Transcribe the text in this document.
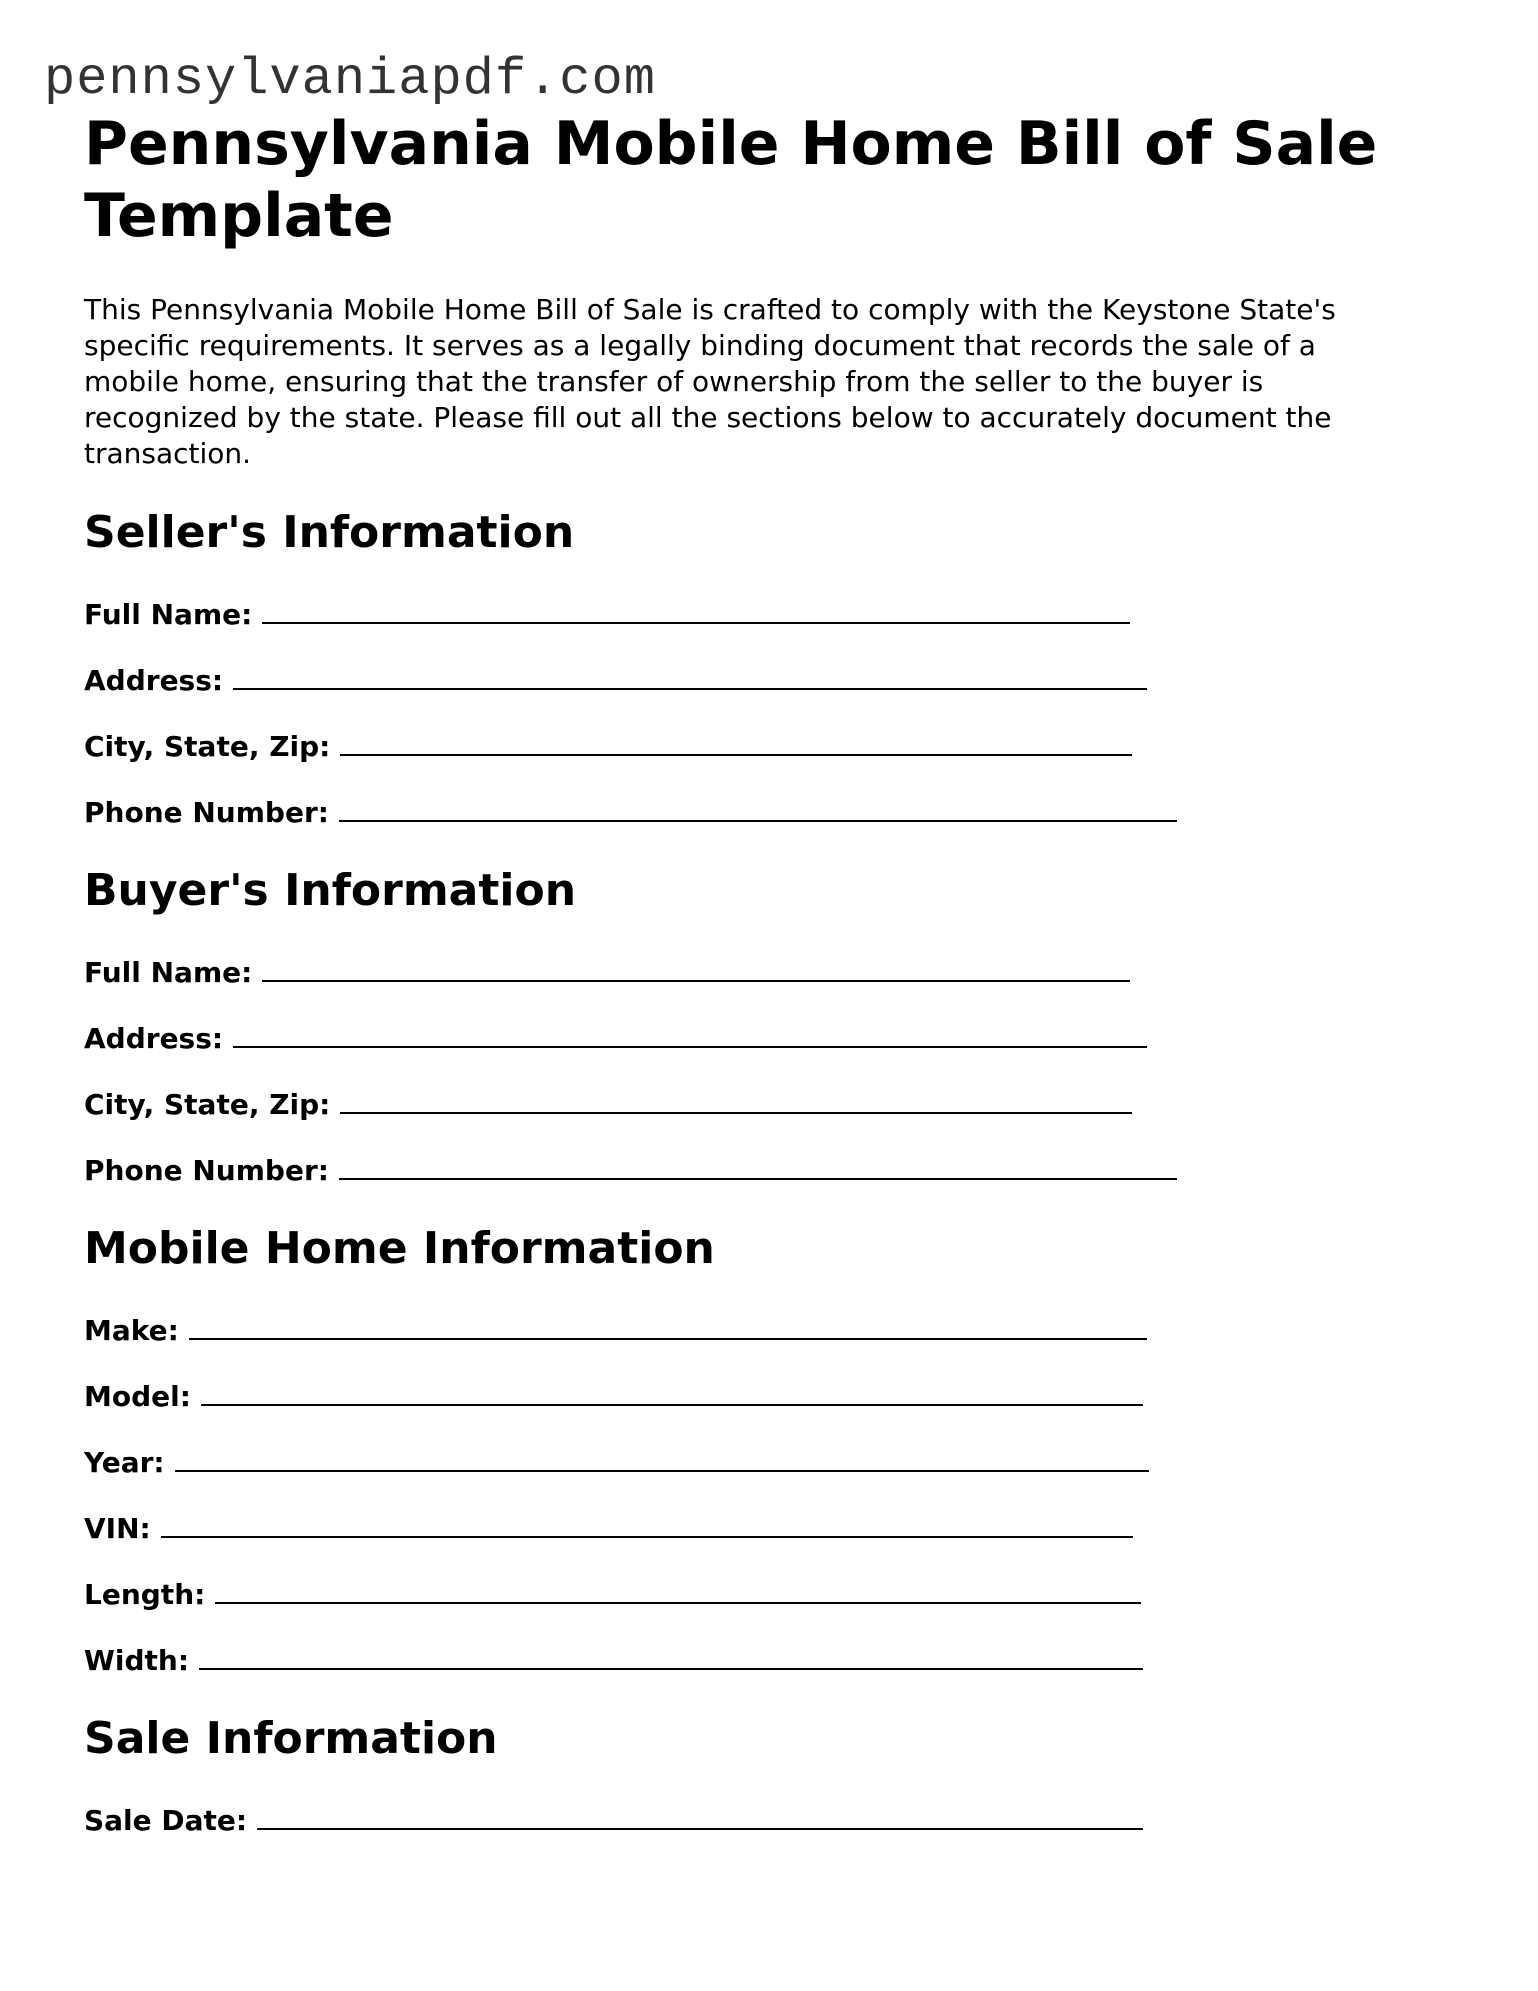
pennsylvaniapdf.com
Pennsylvania Mobile Home Bill of Sale Template

This Pennsylvania Mobile Home Bill of Sale is crafted to comply with the Keystone State's specific requirements. It serves as a legally binding document that records the sale of a mobile home, ensuring that the transfer of ownership from the seller to the buyer is recognized by the state. Please fill out all the sections below to accurately document the transaction.

Seller's Information
Full Name:
Address:
City, State, Zip:
Phone Number:
Buyer's Information
Full Name:
Address:
City, State, Zip:
Phone Number:
Mobile Home Information
Make:
Model:
Year:
VIN:
Length:
Width:
Sale Information
Sale Date:
